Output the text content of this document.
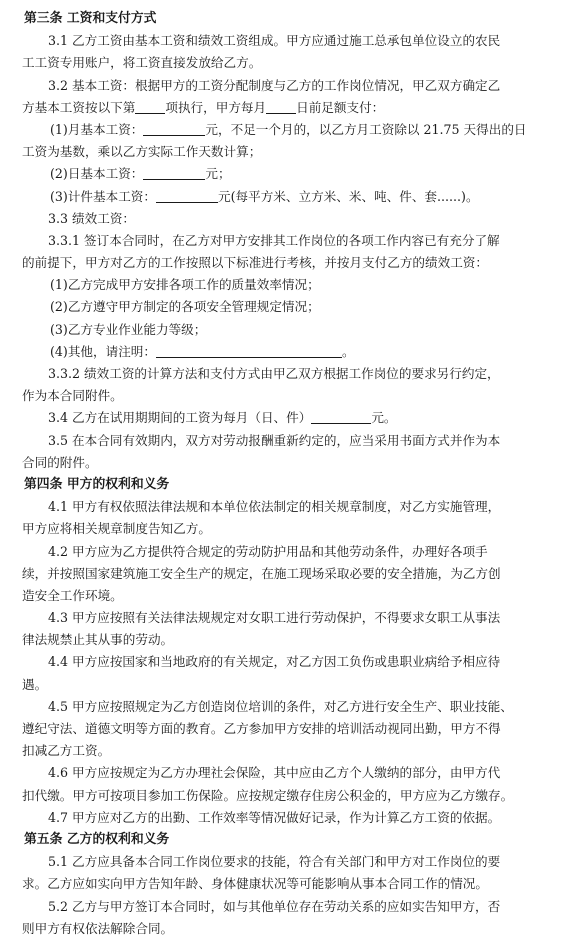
第三条 工资和支付方式
3.1 乙方工资由基本工资和绩效工资组成。甲方应通过施工总承包单位设立的农民
工工资专用账户，将工资直接发放给乙方。
3.2 基本工资：根据甲方的工资分配制度与乙方的工作岗位情况，甲乙双方确定乙
方基本工资按以下第 项执行，甲方每月 日前足额支付：
(1)月基本工资：	元，不足一个月的，以乙方月工资除以 21.75 天得出的日
工资为基数，乘以乙方实际工作天数计算；
(2)日基本工资：	元；
(3)计件基本工资：	元(每平方米、立方米、米、吨、件、套......)。
3.3 绩效工资：
3.3.1 签订本合同时，在乙方对甲方安排其工作岗位的各项工作内容已有充分了解
的前提下，甲方对乙方的工作按照以下标准进行考核，并按月支付乙方的绩效工资：
(1)乙方完成甲方安排各项工作的质量效率情况；
(2)乙方遵守甲方制定的各项安全管理规定情况；
(3)乙方专业作业能力等级；
(4)其他，请注明：	。
3.3.2 绩效工资的计算方法和支付方式由甲乙双方根据工作岗位的要求另行约定，
作为本合同附件。
3.4 乙方在试用期期间的工资为每月（日、件）	元。
3.5 在本合同有效期内，双方对劳动报酬重新约定的，应当采用书面方式并作为本
合同的附件。
第四条 甲方的权利和义务
4.1 甲方有权依照法律法规和本单位依法制定的相关规章制度，对乙方实施管理，
甲方应将相关规章制度告知乙方。
4.2 甲方应为乙方提供符合规定的劳动防护用品和其他劳动条件，办理好各项手
续，并按照国家建筑施工安全生产的规定，在施工现场采取必要的安全措施，为乙方创
造安全工作环境。
4.3 甲方应按照有关法律法规规定对女职工进行劳动保护，不得要求女职工从事法
律法规禁止其从事的劳动。
4.4 甲方应按国家和当地政府的有关规定，对乙方因工负伤或患职业病给予相应待
遇。
4.5 甲方应按照规定为乙方创造岗位培训的条件，对乙方进行安全生产、职业技能、
遵纪守法、道德文明等方面的教育。乙方参加甲方安排的培训活动视同出勤，甲方不得
扣减乙方工资。
4.6 甲方应按规定为乙方办理社会保险，其中应由乙方个人缴纳的部分，由甲方代
扣代缴。甲方可按项目参加工伤保险。应按规定缴存住房公积金的，甲方应为乙方缴存。
4.7 甲方应对乙方的出勤、工作效率等情况做好记录，作为计算乙方工资的依据。
第五条 乙方的权利和义务
5.1 乙方应具备本合同工作岗位要求的技能，符合有关部门和甲方对工作岗位的要
求。乙方应如实向甲方告知年龄、身体健康状况等可能影响从事本合同工作的情况。
5.2 乙方与甲方签订本合同时，如与其他单位存在劳动关系的应如实告知甲方，否
则甲方有权依法解除合同。
